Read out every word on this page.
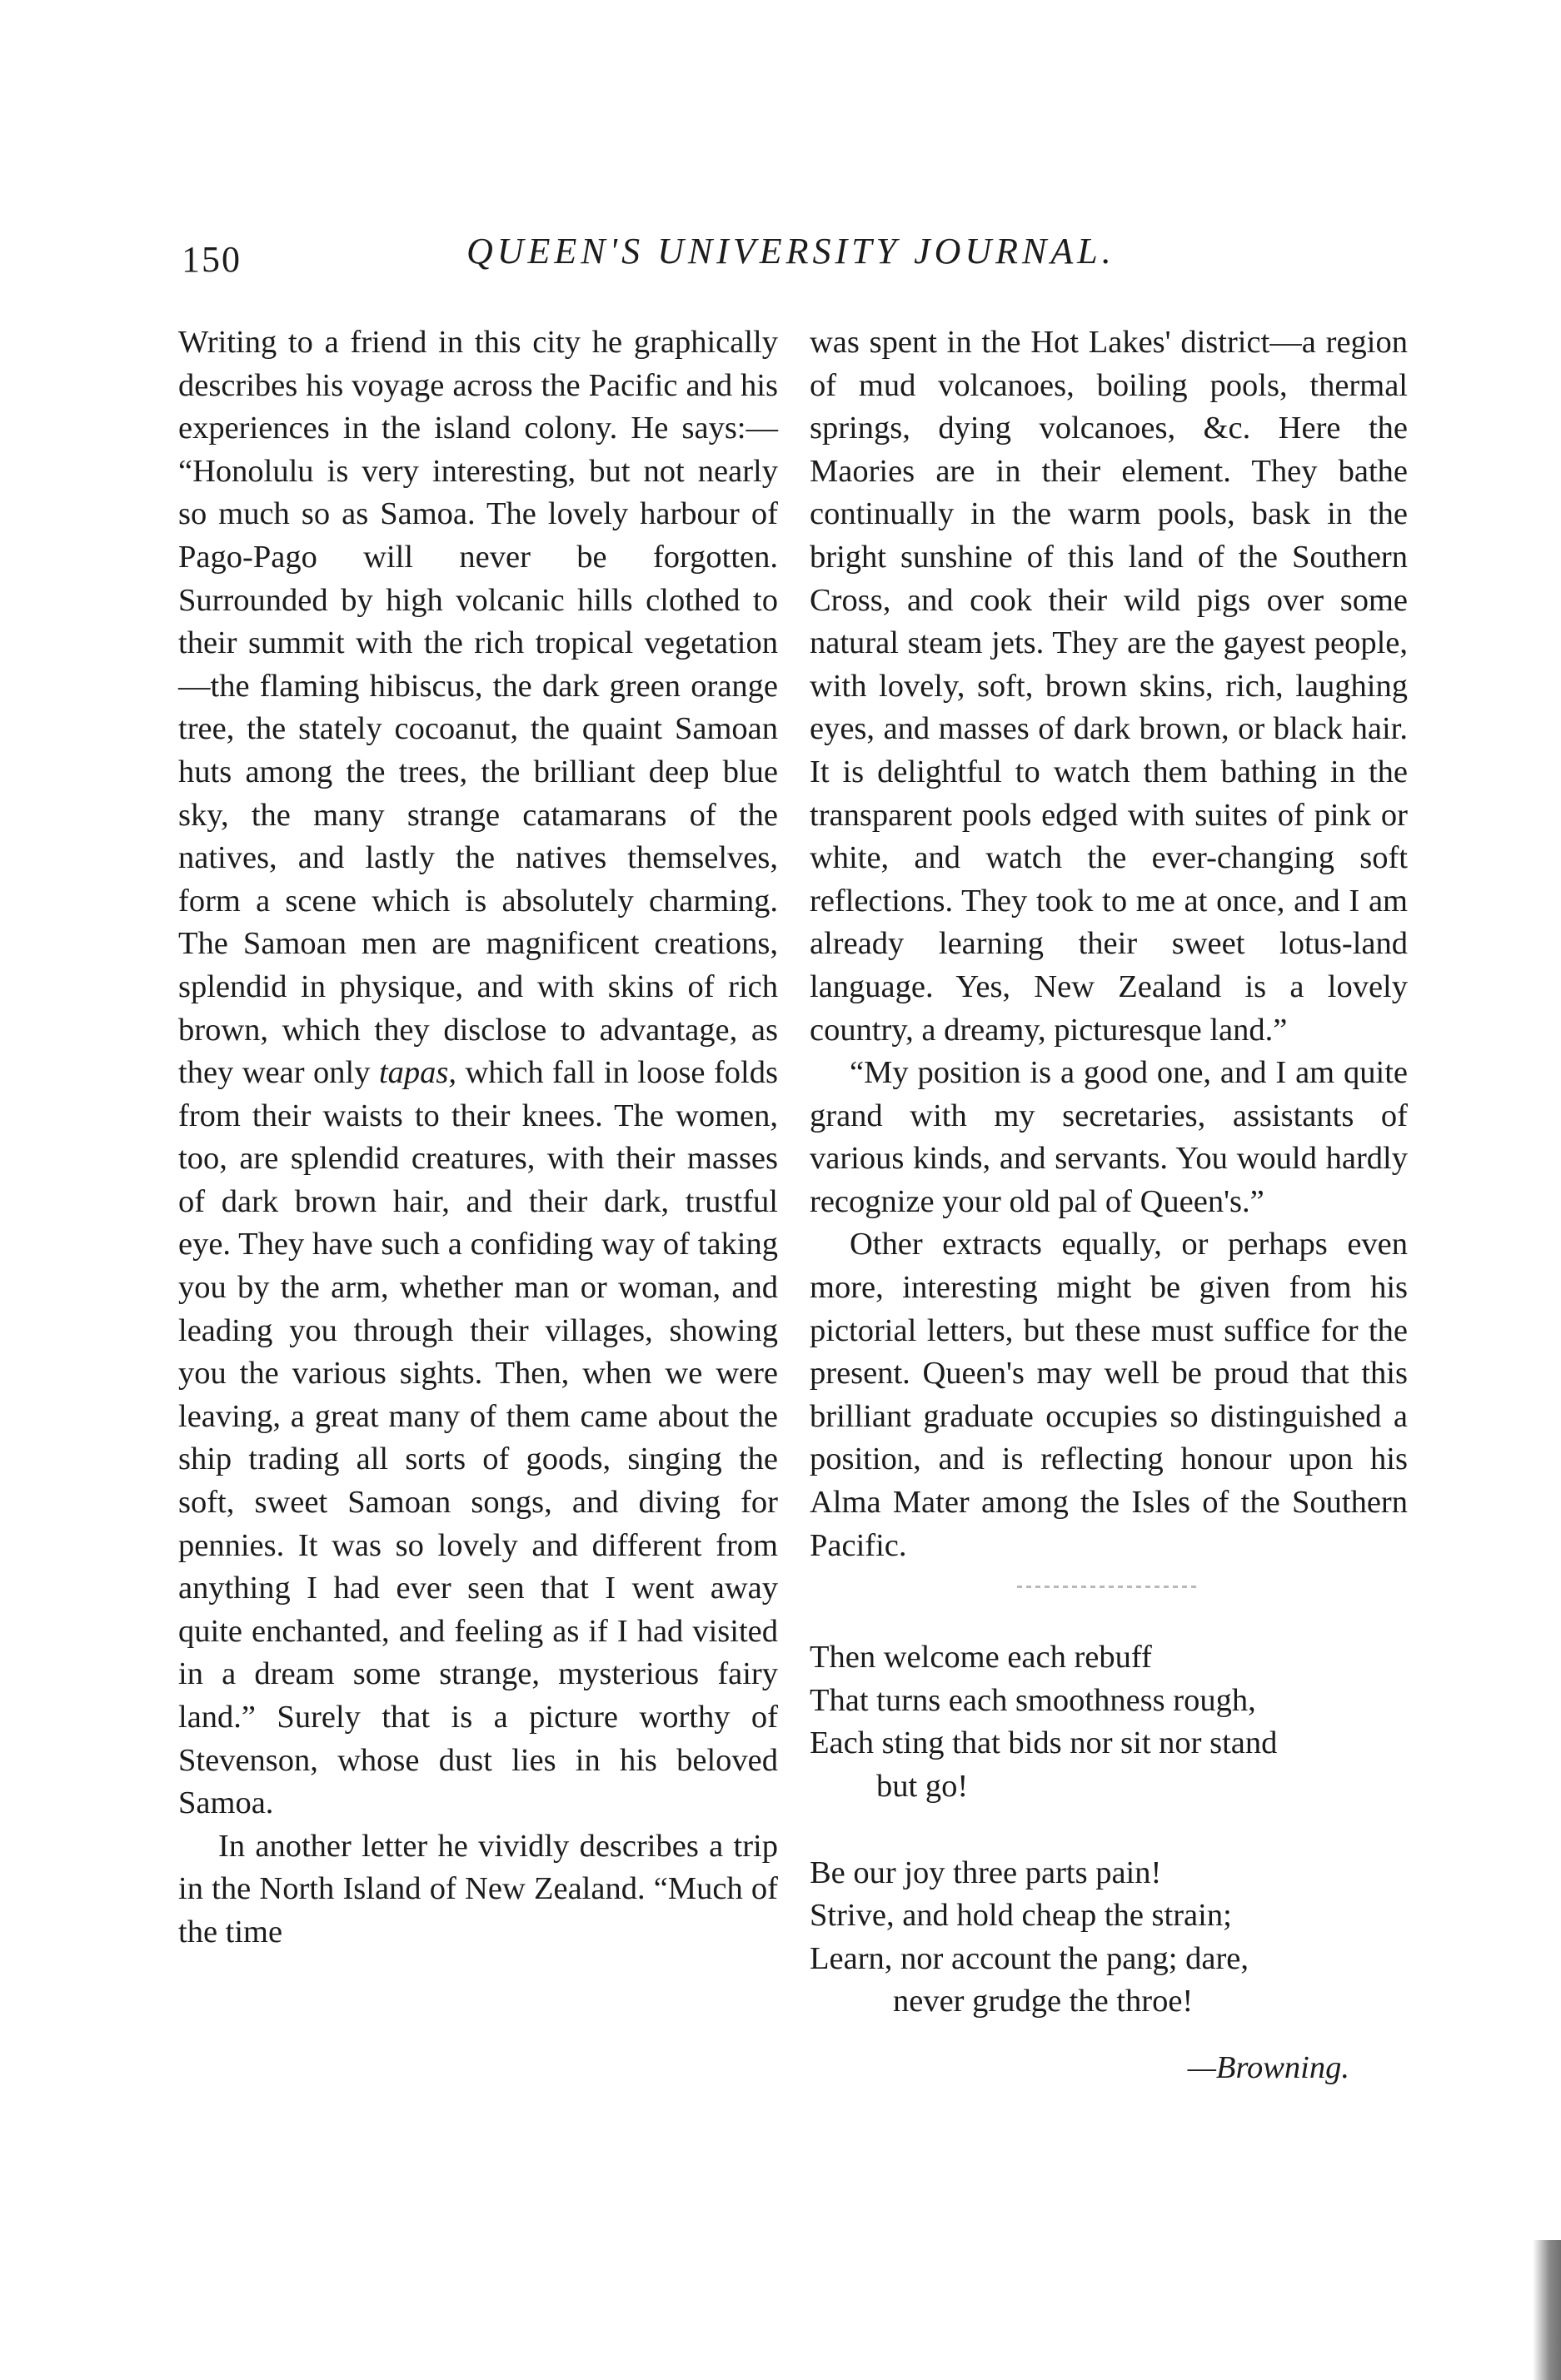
150	QUEEN'S UNIVERSITY JOURNAL.

Writing to a friend in this city he graphically describes his voyage across the Pacific and his experiences in the island colony. He says:— “Honolulu is very interesting, but not nearly so much so as Samoa. The lovely harbour of Pago-Pago will never be forgotten. Surrounded by high volcanic hills clothed to their summit with the rich tropical vegetation—the flaming hibiscus, the dark green orange tree, the stately cocoanut, the quaint Samoan huts among the trees, the brilliant deep blue sky, the many strange catamarans of the natives, and lastly the natives themselves, form a scene which is absolutely charming. The Samoan men are magnificent creations, splendid in physique, and with skins of rich brown, which they disclose to advantage, as they wear only tapas, which fall in loose folds from their waists to their knees. The women, too, are splendid creatures, with their masses of dark brown hair, and their dark, trustful eye. They have such a confiding way of taking you by the arm, whether man or woman, and leading you through their villages, showing you the various sights. Then, when we were leaving, a great many of them came about the ship trading all sorts of goods, singing the soft, sweet Samoan songs, and diving for pennies. It was so lovely and different from anything I had ever seen that I went away quite enchanted, and feeling as if I had visited in a dream some strange, mysterious fairy land.” Surely that is a picture worthy of Stevenson, whose dust lies in his beloved Samoa.

In another letter he vividly describes a trip in the North Island of New Zealand. “Much of the time

was spent in the Hot Lakes' district—a region of mud volcanoes, boiling pools, thermal springs, dying volcanoes, &c. Here the Maories are in their element. They bathe continually in the warm pools, bask in the bright sunshine of this land of the Southern Cross, and cook their wild pigs over some natural steam jets. They are the gayest people, with lovely, soft, brown skins, rich, laughing eyes, and masses of dark brown, or black hair. It is delightful to watch them bathing in the transparent pools edged with suites of pink or white, and watch the ever-changing soft reflections. They took to me at once, and I am already learning their sweet lotus-land language. Yes, New Zealand is a lovely country, a dreamy, picturesque land.”

“My position is a good one, and I am quite grand with my secretaries, assistants of various kinds, and servants. You would hardly recognize your old pal of Queen's.”

Other extracts equally, or perhaps even more, interesting might be given from his pictorial letters, but these must suffice for the present. Queen's may well be proud that this brilliant graduate occupies so distinguished a position, and is reflecting honour upon his Alma Mater among the Isles of the Southern Pacific.

Then welcome each rebuff
That turns each smoothness rough,
Each sting that bids nor sit nor stand
but go!
Be our joy three parts pain!
Strive, and hold cheap the strain;
Learn, nor account the pang; dare,
never grudge the throe!
—Browning.
